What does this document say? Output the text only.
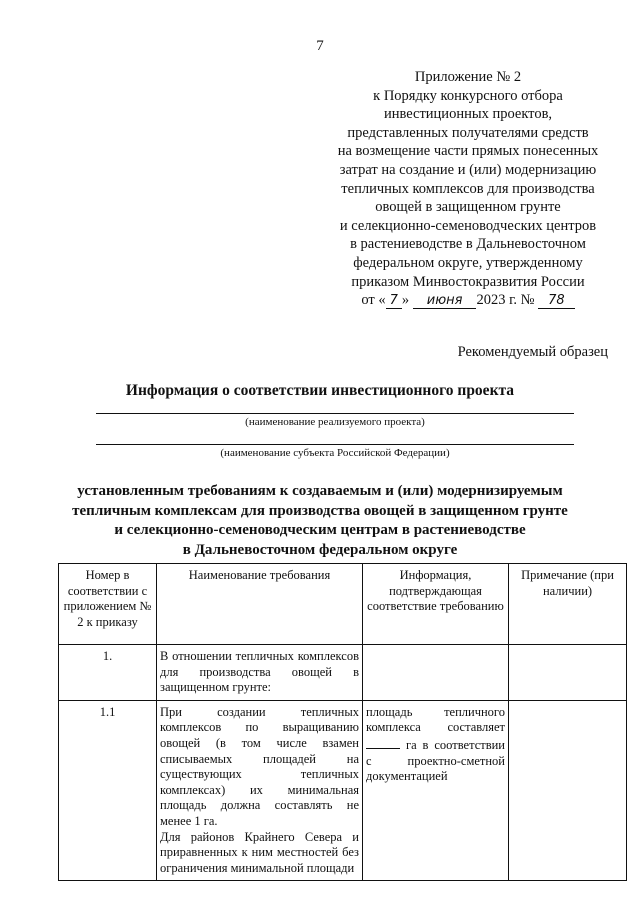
7
Приложение № 2
к Порядку конкурсного отбора
инвестиционных проектов,
представленных получателями средств
на возмещение части прямых понесенных
затрат на создание и (или) модернизацию
тепличных комплексов для производства
овощей в защищенном грунте
и селекционно-семеноводческих центров
в растениеводстве в Дальневосточном
федеральном округе, утвержденному
приказом Минвостокразвития России
от « 7 » июня 2023 г. № 78
Рекомендуемый образец
Информация о соответствии инвестиционного проекта
(наименование реализуемого проекта)
(наименование субъекта Российской Федерации)
установленным требованиям к создаваемым и (или) модернизируемым
тепличным комплексам для производства овощей в защищенном грунте
и селекционно-семеноводческим центрам в растениеводстве
в Дальневосточном федеральном округе
Номер в соответствии с приложением № 2 к приказу	Наименование требования	Информация, подтверждающая соответствие требованию	Примечание (при наличии)
1.	В отношении тепличных комплексов для производства овощей в защищенном грунте:		
1.1	При создании тепличных комплексов по выращиванию овощей (в том числе взамен списываемых площадей на существующих тепличных комплексах) их минимальная площадь должна составлять не менее 1 га.
Для районов Крайнего Севера и приравненных к ним местностей без ограничения минимальной площади	площадь тепличного комплекса составляет  га в соответствии с проектно-сметной документацией	
